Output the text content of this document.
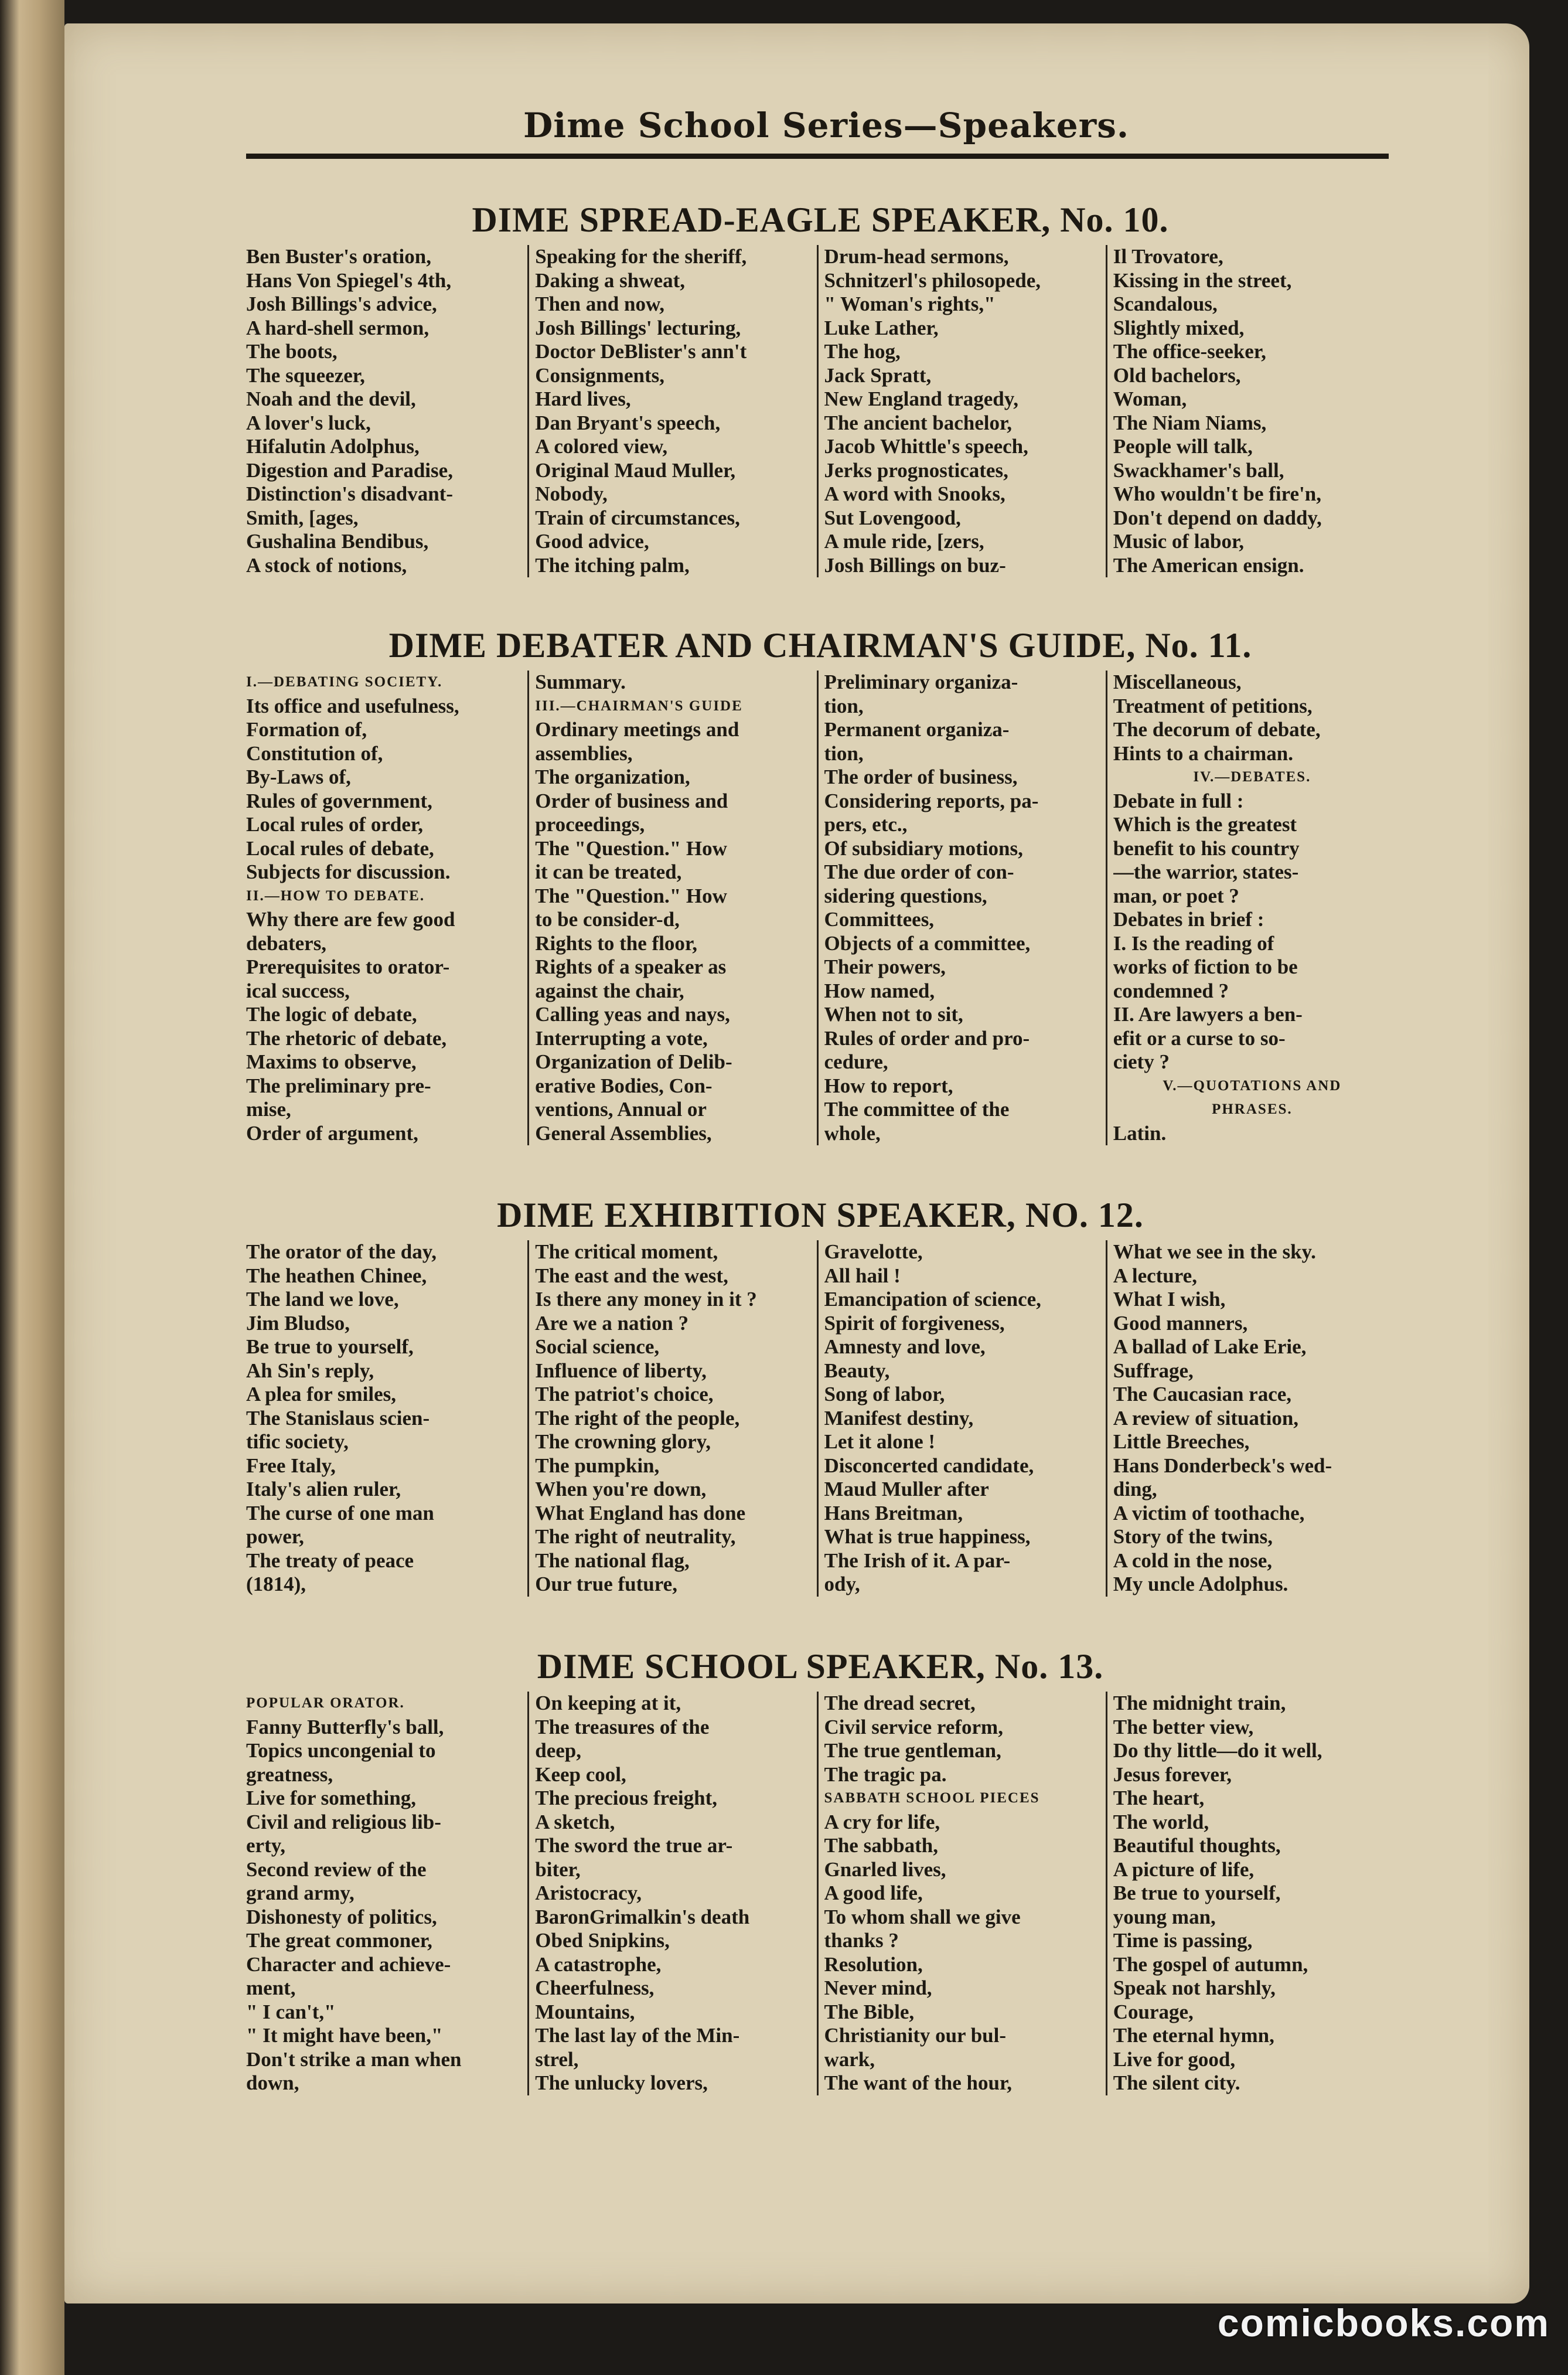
Dime School Series—Speakers.
DIME SPREAD-EAGLE SPEAKER, No. 10.
Ben Buster's oration,
Hans Von Spiegel's 4th,
Josh Billings's advice,
A hard-shell sermon,
The boots,
The squeezer,
Noah and the devil,
A lover's luck,
Hifalutin Adolphus,
Digestion and Paradise,
Distinction's disadvant-
Smith, [ages,
Gushalina Bendibus,
A stock of notions,
Speaking for the sheriff,
Daking a shweat,
Then and now,
Josh Billings' lecturing,
Doctor DeBlister's ann't
Consignments,
Hard lives,
Dan Bryant's speech,
A colored view,
Original Maud Muller,
Nobody,
Train of circumstances,
Good advice,
The itching palm,
Drum-head sermons,
Schnitzerl's philosopede,
" Woman's rights,"
Luke Lather,
The hog,
Jack Spratt,
New England tragedy,
The ancient bachelor,
Jacob Whittle's speech,
Jerks prognosticates,
A word with Snooks,
Sut Lovengood,
A mule ride, [zers,
Josh Billings on buz-
Il Trovatore,
Kissing in the street,
Scandalous,
Slightly mixed,
The office-seeker,
Old bachelors,
Woman,
The Niam Niams,
People will talk,
Swackhamer's ball,
Who wouldn't be fire'n,
Don't depend on daddy,
Music of labor,
The American ensign.
DIME DEBATER AND CHAIRMAN'S GUIDE, No. 11.
I.—DEBATING SOCIETY.
Its office and usefulness,
Formation of,
Constitution of,
By-Laws of,
Rules of government,
Local rules of order,
Local rules of debate,
Subjects for discussion.
II.—HOW TO DEBATE.
Why there are few good
debaters,
Prerequisites to orator-
ical success,
The logic of debate,
The rhetoric of debate,
Maxims to observe,
The preliminary pre-
mise,
Order of argument,
Summary.
III.—CHAIRMAN'S GUIDE
Ordinary meetings and
assemblies,
The organization,
Order of business and
proceedings,
The "Question." How
it can be treated,
The "Question." How
to be consider-d,
Rights to the floor,
Rights of a speaker as
against the chair,
Calling yeas and nays,
Interrupting a vote,
Organization of Delib-
erative Bodies, Con-
ventions, Annual or
General Assemblies,
Preliminary organiza-
tion,
Permanent organiza-
tion,
The order of business,
Considering reports, pa-
pers, etc.,
Of subsidiary motions,
The due order of con-
sidering questions,
Committees,
Objects of a committee,
Their powers,
How named,
When not to sit,
Rules of order and pro-
cedure,
How to report,
The committee of the
whole,
Miscellaneous,
Treatment of petitions,
The decorum of debate,
Hints to a chairman.
IV.—DEBATES.
Debate in full :
Which is the greatest
benefit to his country
—the warrior, states-
man, or poet ?
Debates in brief :
I. Is the reading of
works of fiction to be
condemned ?
II. Are lawyers a ben-
efit or a curse to so-
ciety ?
V.—QUOTATIONS AND
PHRASES.
Latin.
DIME EXHIBITION SPEAKER, NO. 12.
The orator of the day,
The heathen Chinee,
The land we love,
Jim Bludso,
Be true to yourself,
Ah Sin's reply,
A plea for smiles,
The Stanislaus scien-
tific society,
Free Italy,
Italy's alien ruler,
The curse of one man
power,
The treaty of peace
(1814),
The critical moment,
The east and the west,
Is there any money in it ?
Are we a nation ?
Social science,
Influence of liberty,
The patriot's choice,
The right of the people,
The crowning glory,
The pumpkin,
When you're down,
What England has done
The right of neutrality,
The national flag,
Our true future,
Gravelotte,
All hail !
Emancipation of science,
Spirit of forgiveness,
Amnesty and love,
Beauty,
Song of labor,
Manifest destiny,
Let it alone !
Disconcerted candidate,
Maud Muller after
Hans Breitman,
What is true happiness,
The Irish of it. A par-
ody,
What we see in the sky.
A lecture,
What I wish,
Good manners,
A ballad of Lake Erie,
Suffrage,
The Caucasian race,
A review of situation,
Little Breeches,
Hans Donderbeck's wed-
ding,
A victim of toothache,
Story of the twins,
A cold in the nose,
My uncle Adolphus.
DIME SCHOOL SPEAKER, No. 13.
POPULAR ORATOR.
Fanny Butterfly's ball,
Topics uncongenial to
greatness,
Live for something,
Civil and religious lib-
erty,
Second review of the
grand army,
Dishonesty of politics,
The great commoner,
Character and achieve-
ment,
" I can't,"
" It might have been,"
Don't strike a man when
down,
On keeping at it,
The treasures of the
deep,
Keep cool,
The precious freight,
A sketch,
The sword the true ar-
biter,
Aristocracy,
BaronGrimalkin's death
Obed Snipkins,
A catastrophe,
Cheerfulness,
Mountains,
The last lay of the Min-
strel,
The unlucky lovers,
The dread secret,
Civil service reform,
The true gentleman,
The tragic pa.
SABBATH SCHOOL PIECES
A cry for life,
The sabbath,
Gnarled lives,
A good life,
To whom shall we give
thanks ?
Resolution,
Never mind,
The Bible,
Christianity our bul-
wark,
The want of the hour,
The midnight train,
The better view,
Do thy little—do it well,
Jesus forever,
The heart,
The world,
Beautiful thoughts,
A picture of life,
Be true to yourself,
young man,
Time is passing,
The gospel of autumn,
Speak not harshly,
Courage,
The eternal hymn,
Live for good,
The silent city.
comicbooks.com
